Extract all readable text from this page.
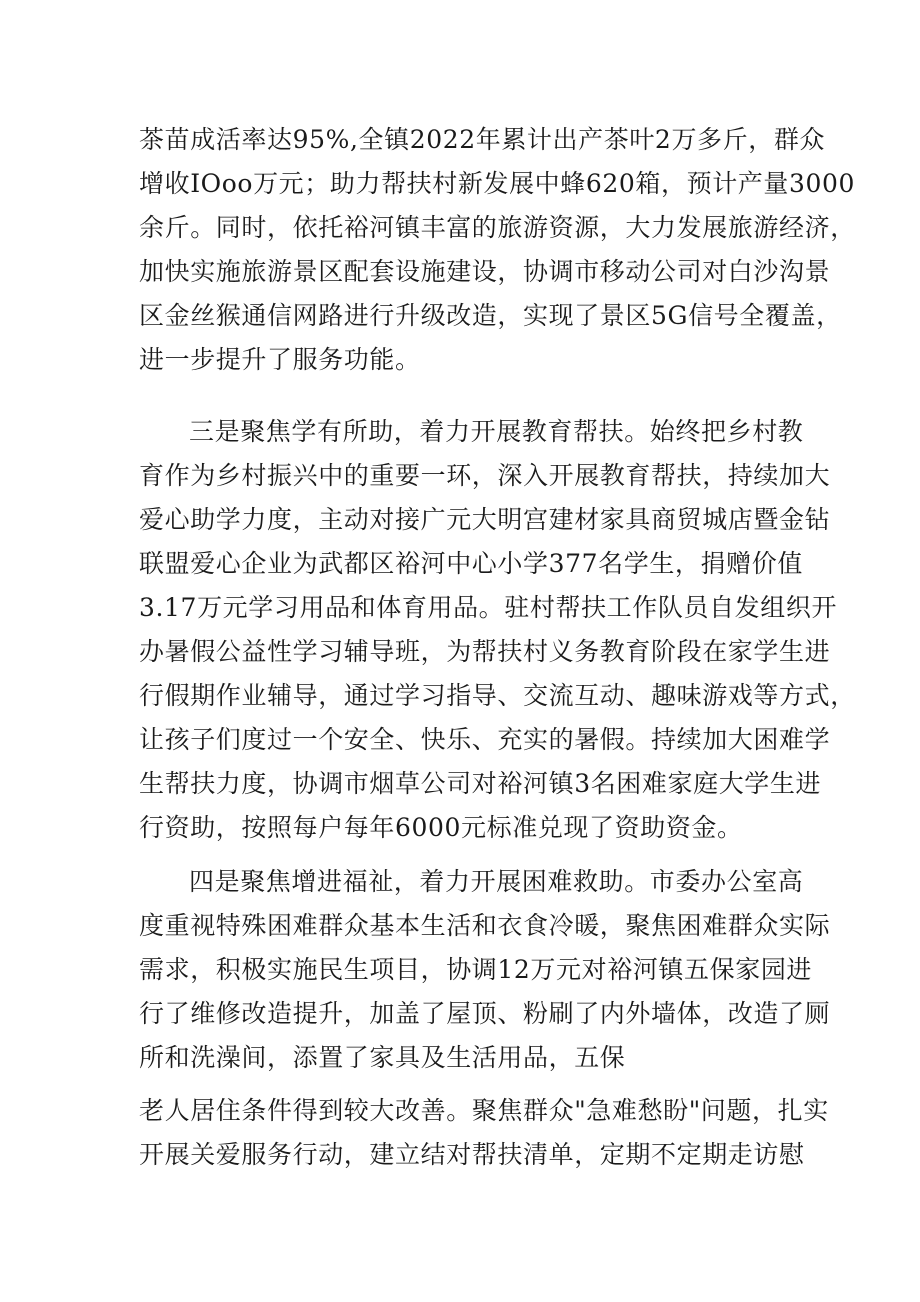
茶苗成活率达95%,全镇2022年累计出产茶叶2万多斤，群众
增收IOoo万元；助力帮扶村新发展中蜂620箱，预计产量3000
余斤。同时，依托裕河镇丰富的旅游资源，大力发展旅游经济，
加快实施旅游景区配套设施建设，协调市移动公司对白沙沟景
区金丝猴通信网路进行升级改造，实现了景区5G信号全覆盖，
进一步提升了服务功能。
三是聚焦学有所助，着力开展教育帮扶。始终把乡村教
育作为乡村振兴中的重要一环，深入开展教育帮扶，持续加大
爱心助学力度，主动对接广元大明宫建材家具商贸城店暨金钻
联盟爱心企业为武都区裕河中心小学377名学生，捐赠价值
3.17万元学习用品和体育用品。驻村帮扶工作队员自发组织开
办暑假公益性学习辅导班，为帮扶村义务教育阶段在家学生进
行假期作业辅导，通过学习指导、交流互动、趣味游戏等方式，
让孩子们度过一个安全、快乐、充实的暑假。持续加大困难学
生帮扶力度，协调市烟草公司对裕河镇3名困难家庭大学生进
行资助，按照每户每年6000元标准兑现了资助资金。
四是聚焦增进福祉，着力开展困难救助。市委办公室高
度重视特殊困难群众基本生活和衣食冷暖，聚焦困难群众实际
需求，积极实施民生项目，协调12万元对裕河镇五保家园进
行了维修改造提升，加盖了屋顶、粉刷了内外墙体，改造了厕
所和洗澡间，添置了家具及生活用品，五保
老人居住条件得到较大改善。聚焦群众"急难愁盼"问题，扎实
开展关爱服务行动，建立结对帮扶清单，定期不定期走访慰
